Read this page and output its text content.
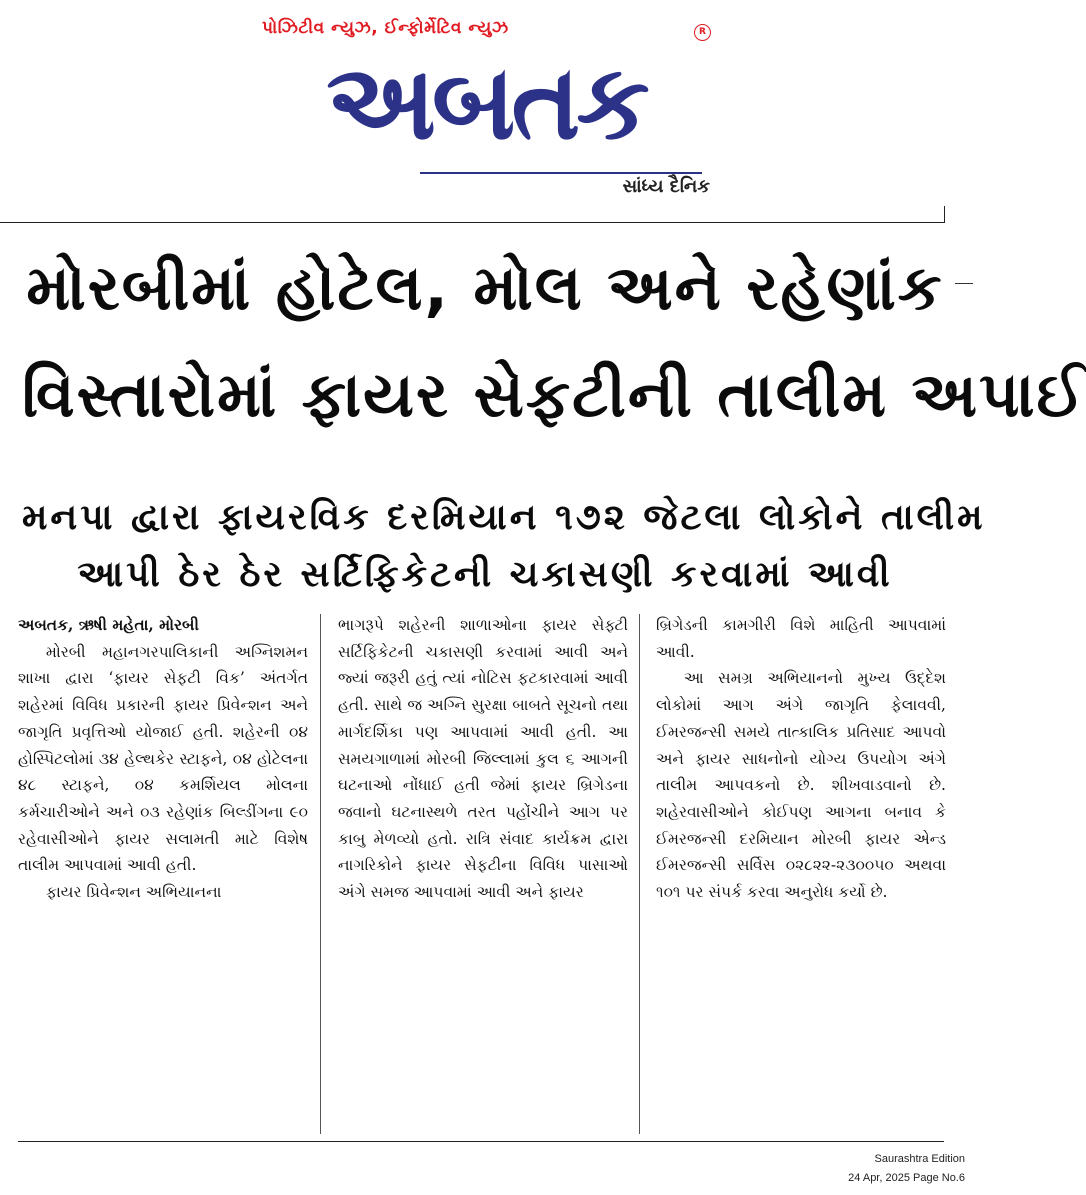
પોઝિટીવ ન્યુઝ, ઈન્ફોર્મેટિવ ન્યુઝ	R
અબતક
સાંધ્ય દૈનિક
મોરબીમાં હોટેલ, મોલ અને રહેણાંક
વિસ્તારોમાં ફાયર સેફટીની તાલીમ અપાઈ
મનપા દ્વારા ફાયરવિક દરમિયાન ૧૭૨ જેટલા લોકોને તાલીમ
આપી ઠેર ઠેર સર્ટિફિકેટની ચકાસણી કરવામાં આવી

અબતક, ઋષી મહેતા, મોરબી

મોરબી મહાનગરપાલિકાની અગ્નિશમન શાખા દ્વારા ‘ફાયર સેફટી વિક’ અંતર્ગત શહેરમાં વિવિધ પ્રકારની ફાયર પ્રિવેન્શન અને જાગૃતિ પ્રવૃત્તિઓ યોજાઈ હતી. શહેરની ૦૪ હોસ્પિટલોમાં ૩૪ હેલ્થકેર સ્ટાફને, ૦૪ હોટેલના ૪૮ સ્ટાફને, ૦૪ કમર્શિયલ મોલના કર્મચારીઓને અને ૦૩ રહેણાંક બિલ્ડીંગના ૯૦ રહેવાસીઓને ફાયર સલામતી માટે વિશેષ તાલીમ આપવામાં આવી હતી.

ફાયર પ્રિવેન્શન અભિયાનના

ભાગરૂપે શહેરની શાળાઓના ફાયર સેફ્ટી સર્ટિફિકેટની ચકાસણી કરવામાં આવી અને જ્યાં જરૂરી હતું ત્યાં નોટિસ ફટકારવામાં આવી હતી. સાથે જ અગ્નિ સુરક્ષા બાબતે સૂચનો તથા માર્ગદર્શિકા પણ આપવામાં આવી હતી. આ સમયગાળામાં મોરબી જિલ્લામાં કુલ ૬ આગની ઘટનાઓ નોંધાઈ હતી જેમાં ફાયર બ્રિગેડના જવાનો ઘટનાસ્થળે તરત પહોંચીને આગ પર કાબુ મેળવ્યો હતો. રાત્રિ સંવાદ કાર્યક્રમ દ્વારા નાગરિકોને ફાયર સેફટીના વિવિધ પાસાઓ અંગે સમજ આપવામાં આવી અને ફાયર

બ્રિગેડની કામગીરી વિશે માહિતી આપવામાં આવી.

આ સમગ્ર અભિયાનનો મુખ્ય ઉદ્દેશ લોકોમાં આગ અંગે જાગૃતિ ફેલાવવી, ઈમરજન્સી સમયે તાત્કાલિક પ્રતિસાદ આપવો અને ફાયર સાધનોનો યોગ્ય ઉપયોગ અંગે તાલીમ આપવકનો છે. શીખવાડવાનો છે. શહેરવાસીઓને કોઈપણ આગના બનાવ કે ઈમરજન્સી દરમિયાન મોરબી ફાયર એન્ડ ઈમરજન્સી સર્વિસ ૦૨૮૨૨-૨૩૦૦૫૦ અથવા ૧૦૧ પર સંપર્ક કરવા અનુરોધ કર્યો છે.

Saurashtra Edition
24 Apr, 2025 Page No.6
